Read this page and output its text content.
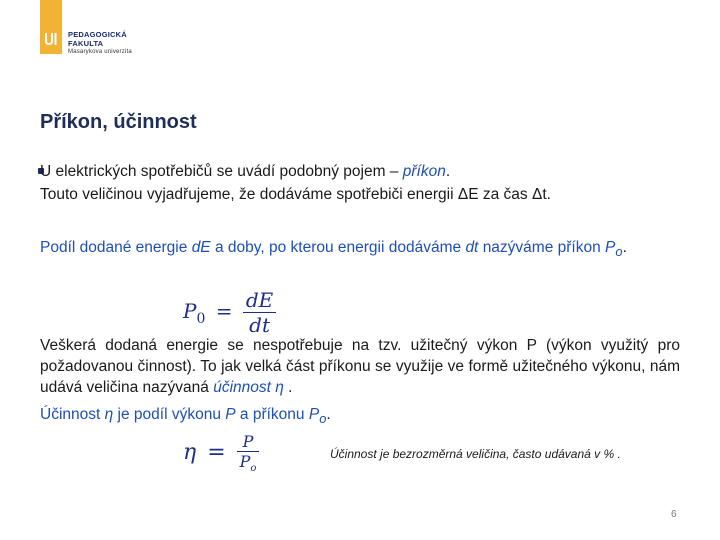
PEDAGOGICKÁ
FAKULTA
Masarykova univerzita
Příkon, účinnost

U elektrických spotřebičů se uvádí podobný pojem – příkon.

Touto veličinou vyjadřujeme, že dodáváme spotřebiči energii ΔE za čas Δt.

Podíl dodané energie dE a doby, po kterou energii dodáváme dt nazýváme příkon $P_o$.

$P_0 = \frac{dE}{dt}$

Veškerá dodaná energie se nespotřebuje na tzv. užitečný výkon P (výkon využitý pro požadovanou činnost). To jak velká část příkonu se využije ve formě užitečného výkonu, nám udává veličina nazývaná účinnost η .

Účinnost η je podíl výkonu P a příkonu $P_o$.

$\eta = \frac{P}{P_o}$	Účinnost je bezrozměrná veličina, často udávaná v % .
6
